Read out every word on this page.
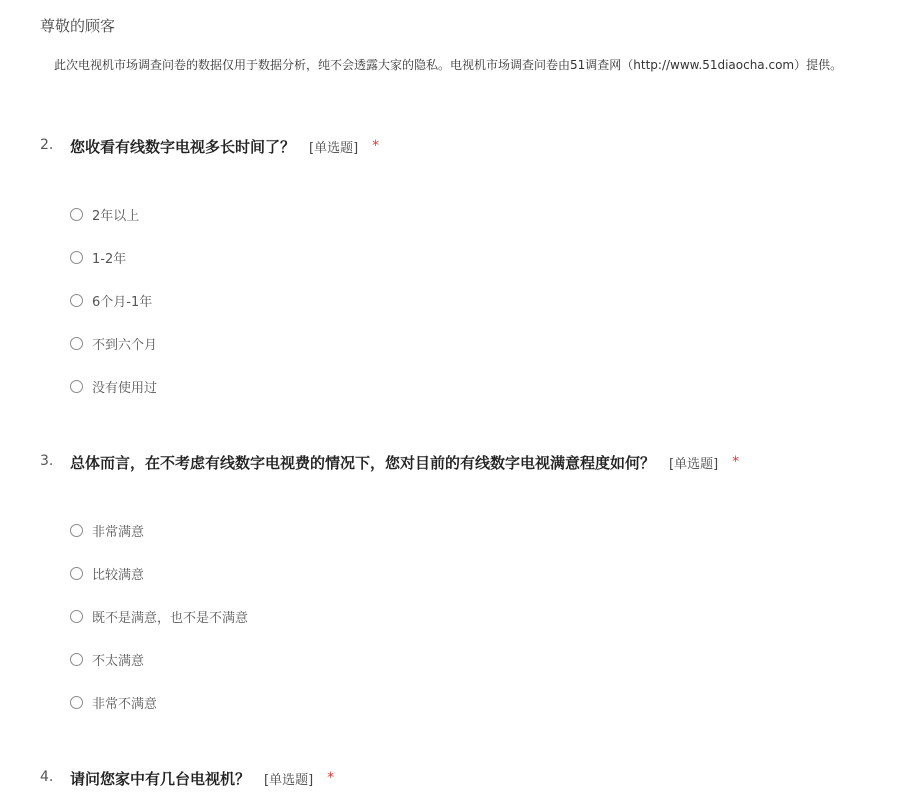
尊敬的顾客
此次电视机市场调查问卷的数据仅用于数据分析，纯不会透露大家的隐私。电视机市场调查问卷由51调查网（http://www.51diaocha.com）提供。
2. 您收看有线数字电视多长时间了？ [单选题] *
2年以上
1-2年
6个月-1年
不到六个月
没有使用过
3. 总体而言，在不考虑有线数字电视费的情况下，您对目前的有线数字电视满意程度如何？ [单选题] *
非常满意
比较满意
既不是满意，也不是不满意
不太满意
非常不满意
4. 请问您家中有几台电视机？ [单选题] *
